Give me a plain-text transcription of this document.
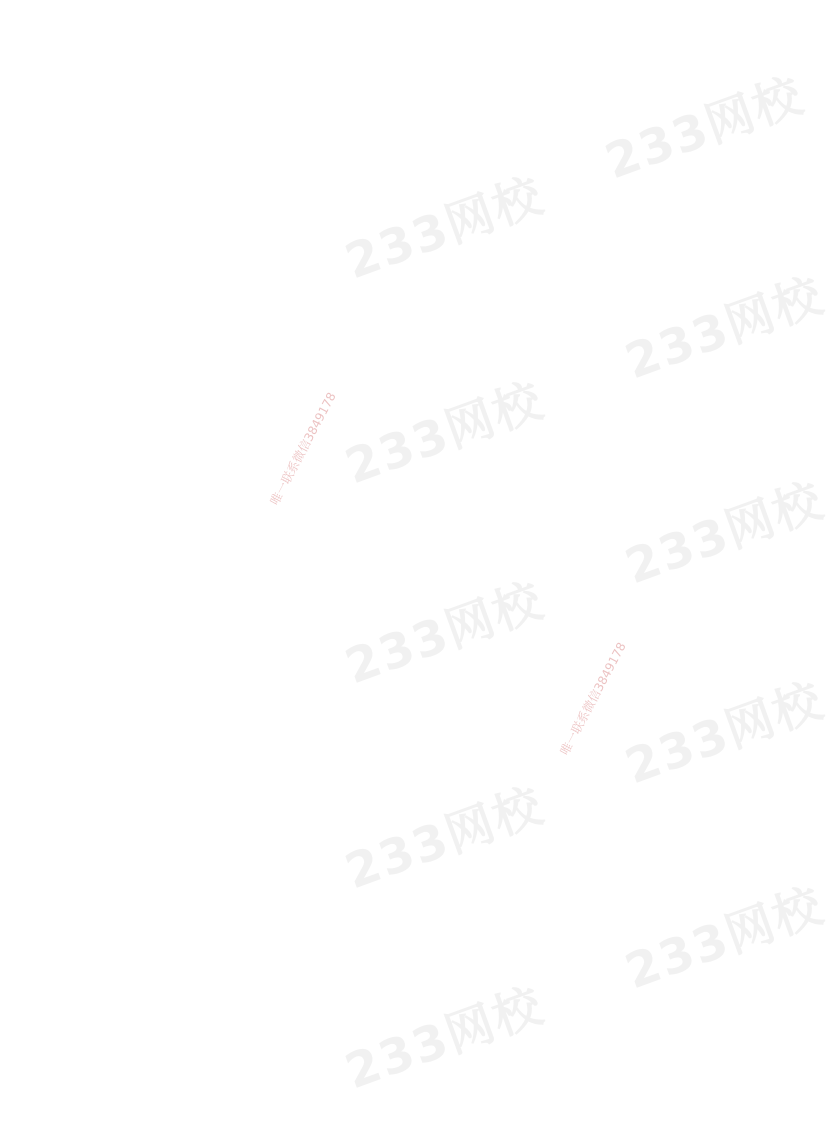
233网校
233网校
233网校
233网校
233网校
233网校
233网校
233网校
233网校
233网校
唯一联系微信3849178
唯一联系微信3849178
